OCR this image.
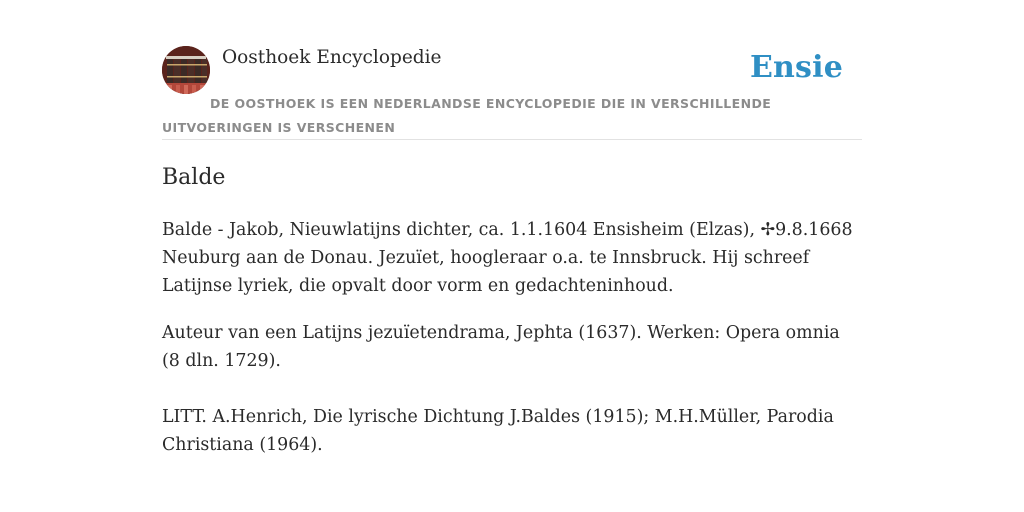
Oosthoek Encyclopedie	Ensie
DE OOSTHOEK IS EEN NEDERLANDSE ENCYCLOPEDIE DIE IN VERSCHILLENDE UITVOERINGEN IS VERSCHENEN
Balde

Balde - Jakob, Nieuwlatijns dichter, ca. 1.1.1604 Ensisheim (Elzas), ✢9.8.1668 Neuburg aan de Donau. Jezuïet, hoogleraar o.a. te Innsbruck. Hij schreef Latijnse lyriek, die opvalt door vorm en gedachteninhoud.

Auteur van een Latijns jezuïetendrama, Jephta (1637). Werken: Opera omnia (8 dln. 1729).

LITT. A.Henrich, Die lyrische Dichtung J.Baldes (1915); M.H.Müller, Parodia Christiana (1964).
